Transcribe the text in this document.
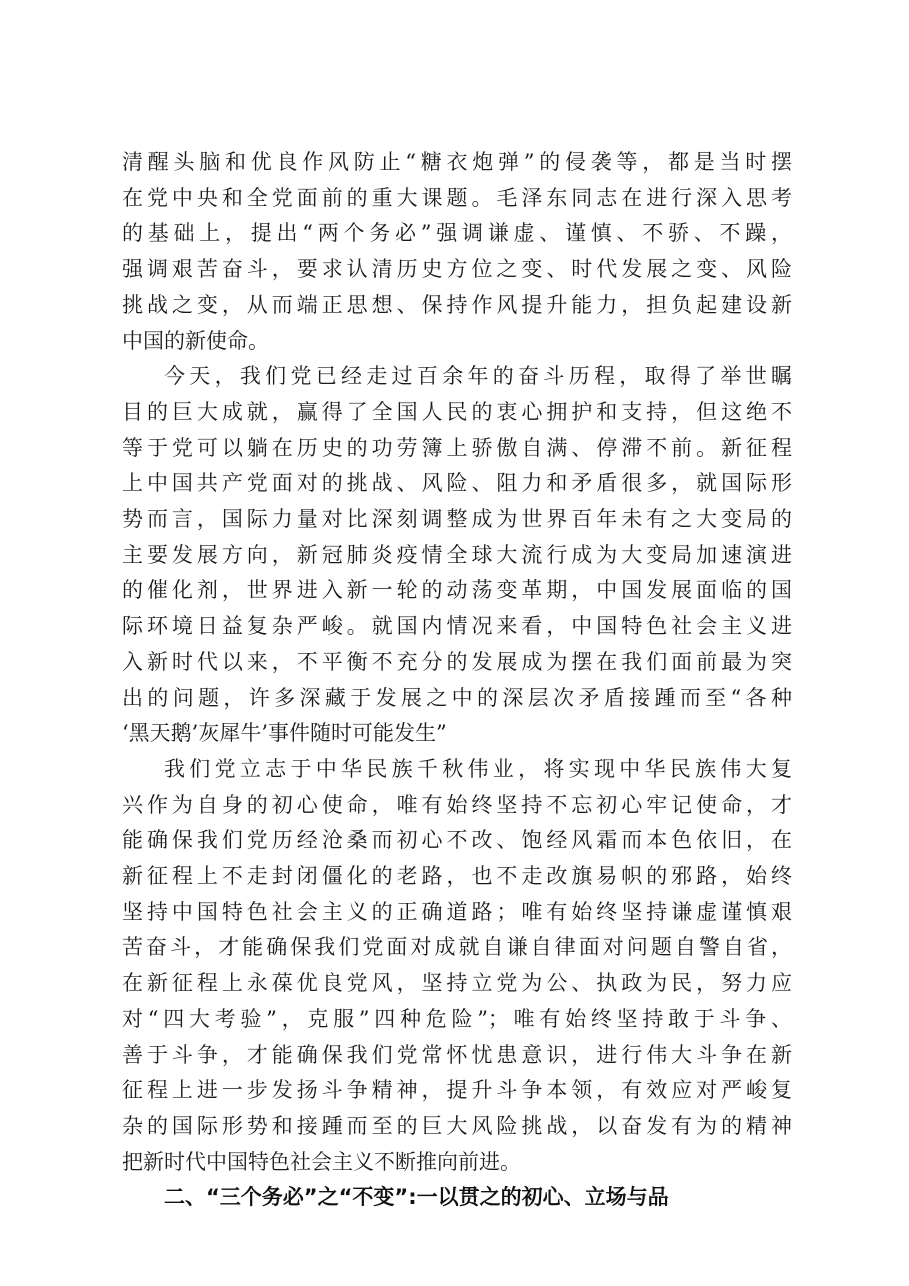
清醒头脑和优良作风防止“糖衣炮弹”的侵袭等，都是当时摆
在党中央和全党面前的重大课题。毛泽东同志在进行深入思考
的基础上，提出“两个务必”强调谦虚、谨慎、不骄、不躁，
强调艰苦奋斗，要求认清历史方位之变、时代发展之变、风险
挑战之变，从而端正思想、保持作风提升能力，担负起建设新
中国的新使命。
今天，我们党已经走过百余年的奋斗历程，取得了举世瞩
目的巨大成就，赢得了全国人民的衷心拥护和支持，但这绝不
等于党可以躺在历史的功劳簿上骄傲自满、停滞不前。新征程
上中国共产党面对的挑战、风险、阻力和矛盾很多，就国际形
势而言，国际力量对比深刻调整成为世界百年未有之大变局的
主要发展方向，新冠肺炎疫情全球大流行成为大变局加速演进
的催化剂，世界进入新一轮的动荡变革期，中国发展面临的国
际环境日益复杂严峻。就国内情况来看，中国特色社会主义进
入新时代以来，不平衡不充分的发展成为摆在我们面前最为突
出的问题，许多深藏于发展之中的深层次矛盾接踵而至“各种
‘黑天鹅’灰犀牛’事件随时可能发生”
我们党立志于中华民族千秋伟业，将实现中华民族伟大复
兴作为自身的初心使命，唯有始终坚持不忘初心牢记使命，才
能确保我们党历经沧桑而初心不改、饱经风霜而本色依旧，在
新征程上不走封闭僵化的老路，也不走改旗易帜的邪路，始终
坚持中国特色社会主义的正确道路；唯有始终坚持谦虚谨慎艰
苦奋斗，才能确保我们党面对成就自谦自律面对问题自警自省，
在新征程上永葆优良党风，坚持立党为公、执政为民，努力应
对“四大考验”，克服”四种危险”；唯有始终坚持敢于斗争、
善于斗争，才能确保我们党常怀忧患意识，进行伟大斗争在新
征程上进一步发扬斗争精神，提升斗争本领，有效应对严峻复
杂的国际形势和接踵而至的巨大风险挑战，以奋发有为的精神
把新时代中国特色社会主义不断推向前进。
二、“三个务必”之“不变”:一以贯之的初心、立场与品
